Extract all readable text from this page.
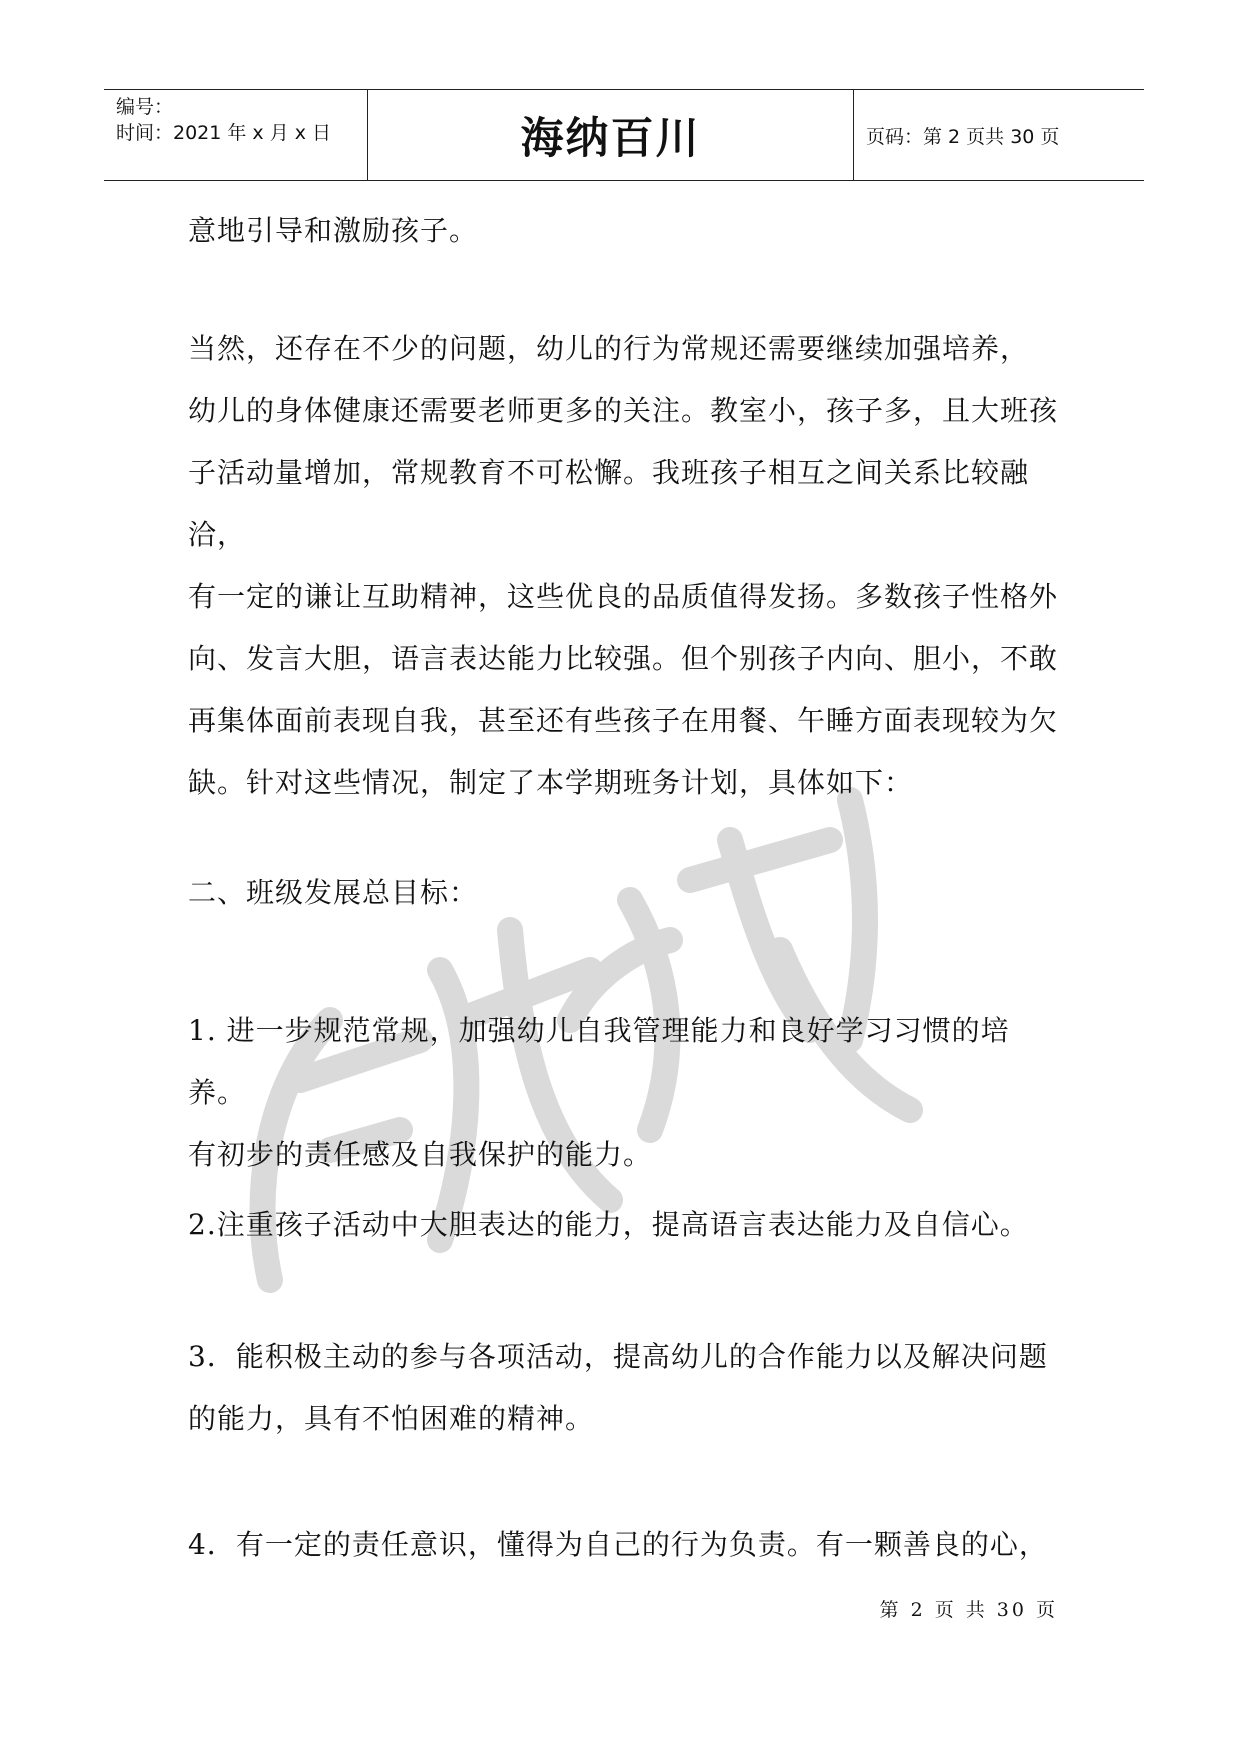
编号：
时间：2021 年 x 月 x 日	海纳百川	页码：第 2 页共 30 页
意地引导和激励孩子。
当然，还存在不少的问题，幼儿的行为常规还需要继续加强培养，
幼儿的身体健康还需要老师更多的关注。教室小，孩子多，且大班孩
子活动量增加，常规教育不可松懈。我班孩子相互之间关系比较融洽，
有一定的谦让互助精神，这些优良的品质值得发扬。多数孩子性格外
向、发言大胆，语言表达能力比较强。但个别孩子内向、胆小，不敢
再集体面前表现自我，甚至还有些孩子在用餐、午睡方面表现较为欠
缺。针对这些情况，制定了本学期班务计划，具体如下：
二、班级发展总目标：
1. 进一步规范常规，加强幼儿自我管理能力和良好学习习惯的培养。
有初步的责任感及自我保护的能力。
2.注重孩子活动中大胆表达的能力，提高语言表达能力及自信心。
3．能积极主动的参与各项活动，提高幼儿的合作能力以及解决问题
的能力，具有不怕困难的精神。
4．有一定的责任意识，懂得为自己的行为负责。有一颗善良的心，
第 2 页 共 30 页
